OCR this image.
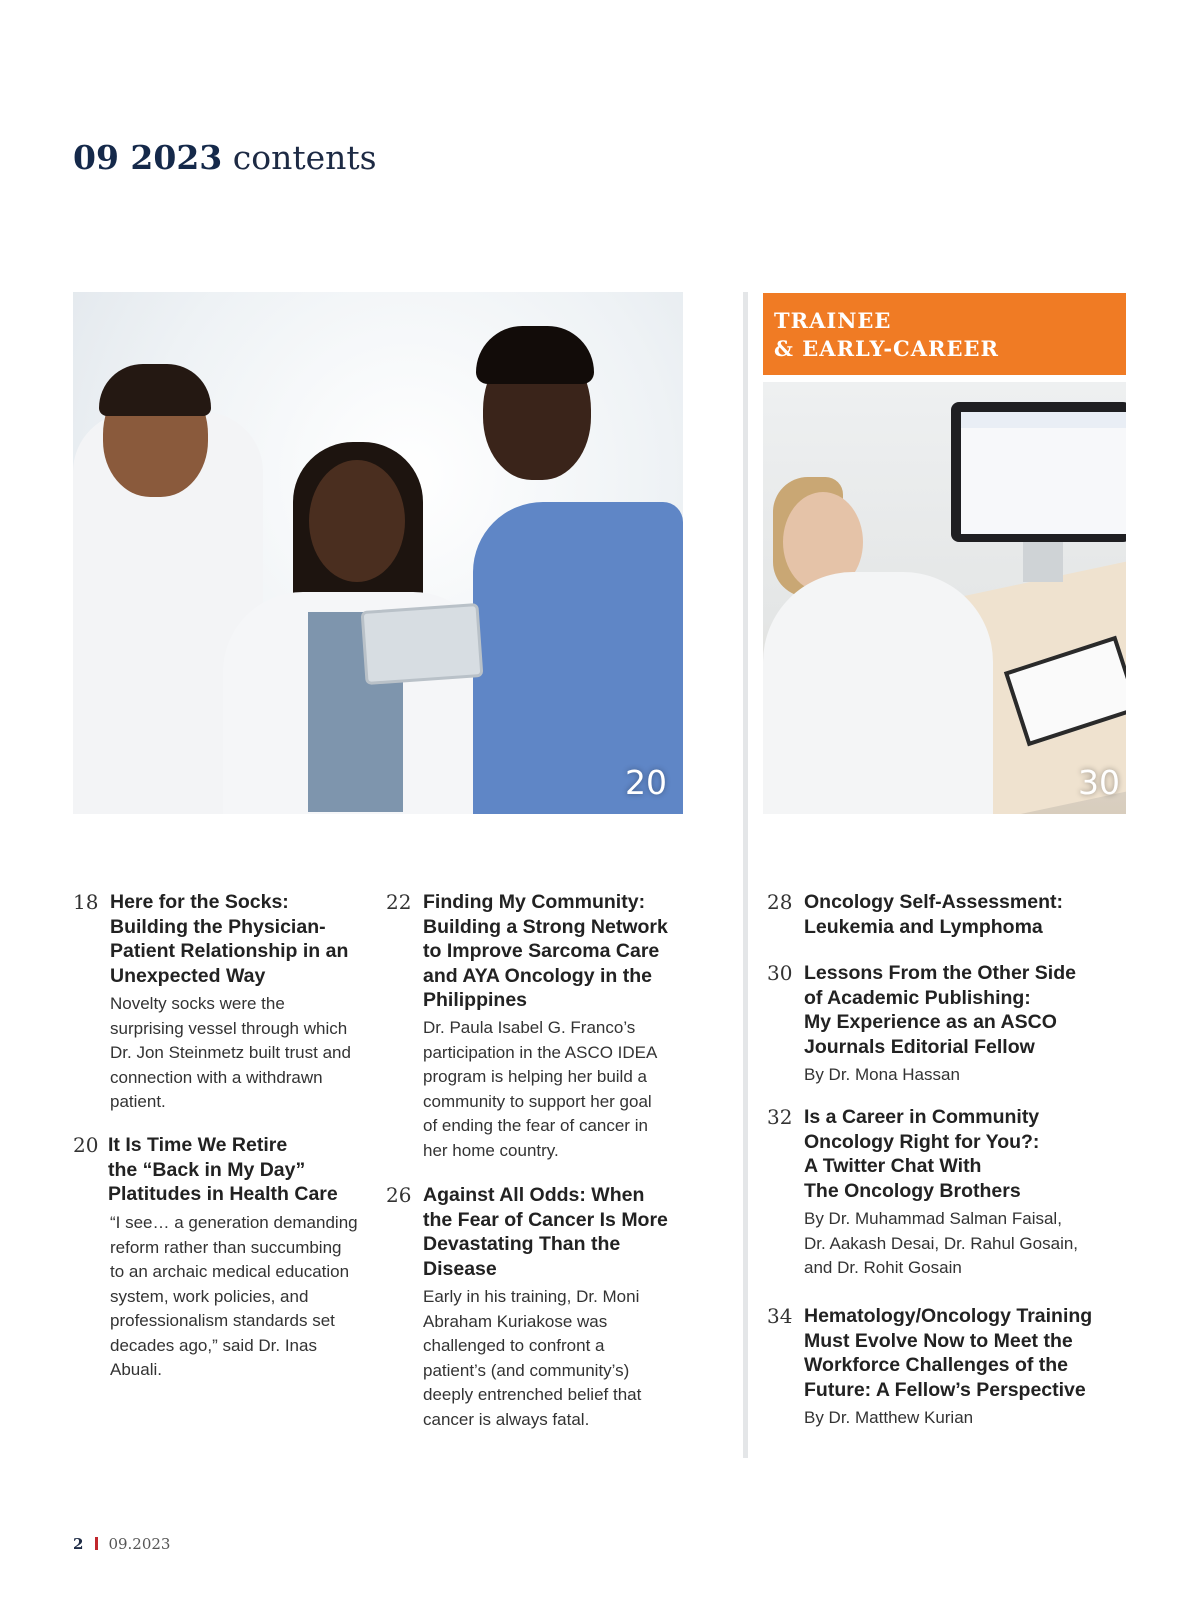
09 2023 contents
20
TRAINEE
& EARLY-CAREER
30
18 Here for the Socks:
Building the Physician-
Patient Relationship in an
Unexpected Way
Novelty socks were the
surprising vessel through which
Dr. Jon Steinmetz built trust and
connection with a withdrawn
patient.
20 It Is Time We Retire
the “Back in My Day”
Platitudes in Health Care
“I see… a generation demanding
reform rather than succumbing
to an archaic medical education
system, work policies, and
professionalism standards set
decades ago,” said Dr. Inas
Abuali.
22 Finding My Community:
Building a Strong Network
to Improve Sarcoma Care
and AYA Oncology in the
Philippines
Dr. Paula Isabel G. Franco’s
participation in the ASCO IDEA
program is helping her build a
community to support her goal
of ending the fear of cancer in
her home country.
26 Against All Odds: When
the Fear of Cancer Is More
Devastating Than the
Disease
Early in his training, Dr. Moni
Abraham Kuriakose was
challenged to confront a
patient’s (and community’s)
deeply entrenched belief that
cancer is always fatal.
28 Oncology Self-Assessment:
Leukemia and Lymphoma
30 Lessons From the Other Side
of Academic Publishing:
My Experience as an ASCO
Journals Editorial Fellow
By Dr. Mona Hassan
32 Is a Career in Community
Oncology Right for You?:
A Twitter Chat With
The Oncology Brothers
By Dr. Muhammad Salman Faisal,
Dr. Aakash Desai, Dr. Rahul Gosain,
and Dr. Rohit Gosain
34 Hematology/Oncology Training
Must Evolve Now to Meet the
Workforce Challenges of the
Future: A Fellow’s Perspective
By Dr. Matthew Kurian
2 09.2023
